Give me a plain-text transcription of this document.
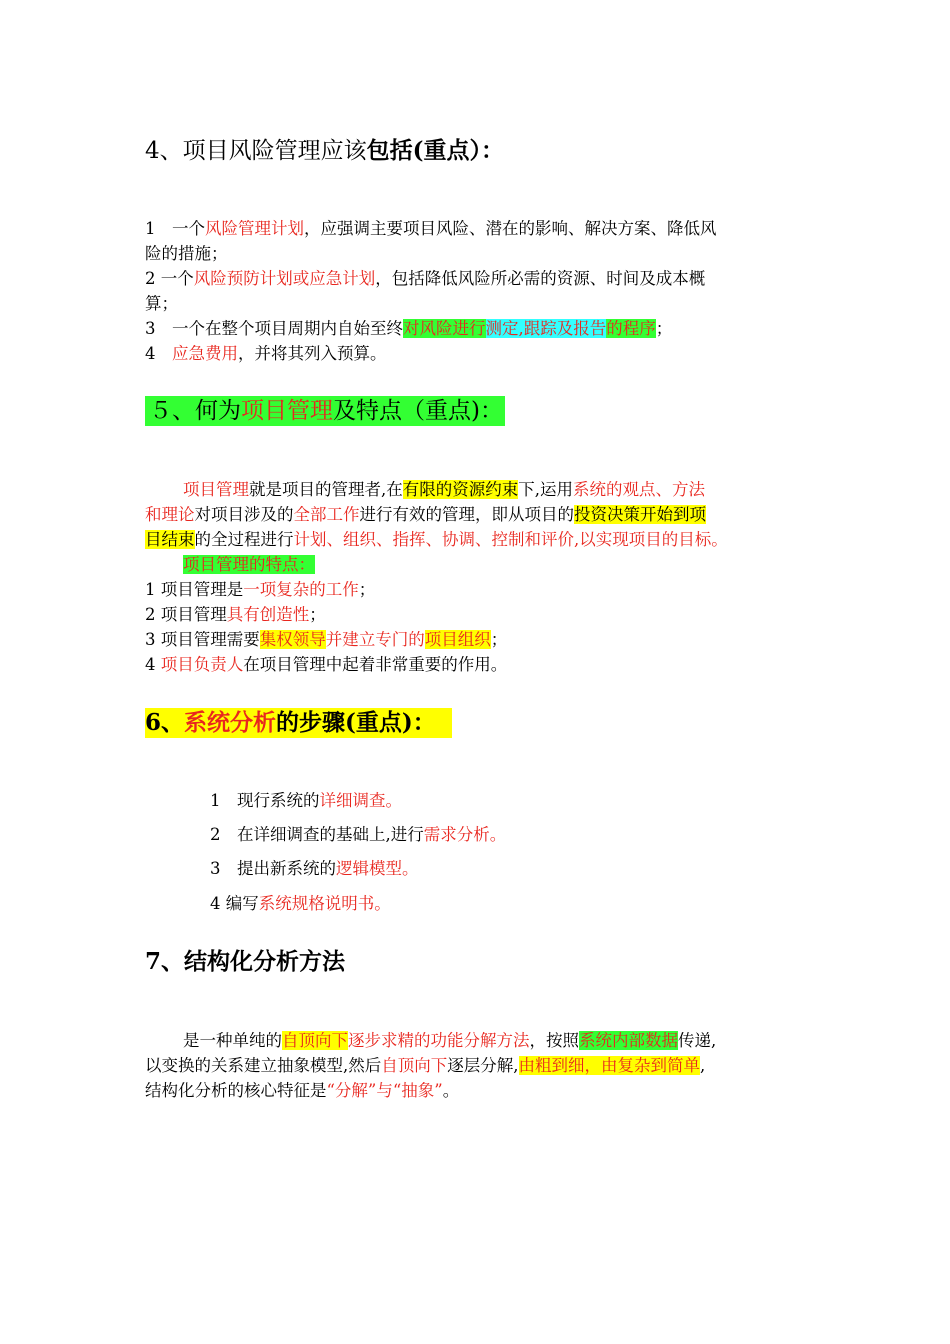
4、项目风险管理应该包括(重点）：
1　一个风险管理计划，应强调主要项目风险、潜在的影响、解决方案、降低风
险的措施；
2 一个风险预防计划或应急计划，包括降低风险所必需的资源、时间及成本概
算；
3　一个在整个项目周期内自始至终对风险进行测定,跟踪及报告的程序；
4　应急费用，并将其列入预算。
５、何为项目管理及特点（重点)：
项目管理就是项目的管理者,在有限的资源约束下,运用系统的观点、方法
和理论对项目涉及的全部工作进行有效的管理，即从项目的投资决策开始到项
目结束的全过程进行计划、组织、指挥、协调、控制和评价,以实现项目的目标。
项目管理的特点：
1 项目管理是一项复杂的工作；
2 项目管理具有创造性；
3 项目管理需要集权领导并建立专门的项目组织；
4 项目负责人在项目管理中起着非常重要的作用。
6、系统分析的步骤(重点)：
1　现行系统的详细调查。
2　在详细调查的基础上,进行需求分析。
3　提出新系统的逻辑模型。
4 编写系统规格说明书。
7、结构化分析方法
是一种单纯的自顶向下逐步求精的功能分解方法，按照系统内部数据传递,
以变换的关系建立抽象模型,然后自顶向下逐层分解,由粗到细，由复杂到简单,
结构化分析的核心特征是“分解”与“抽象”。
